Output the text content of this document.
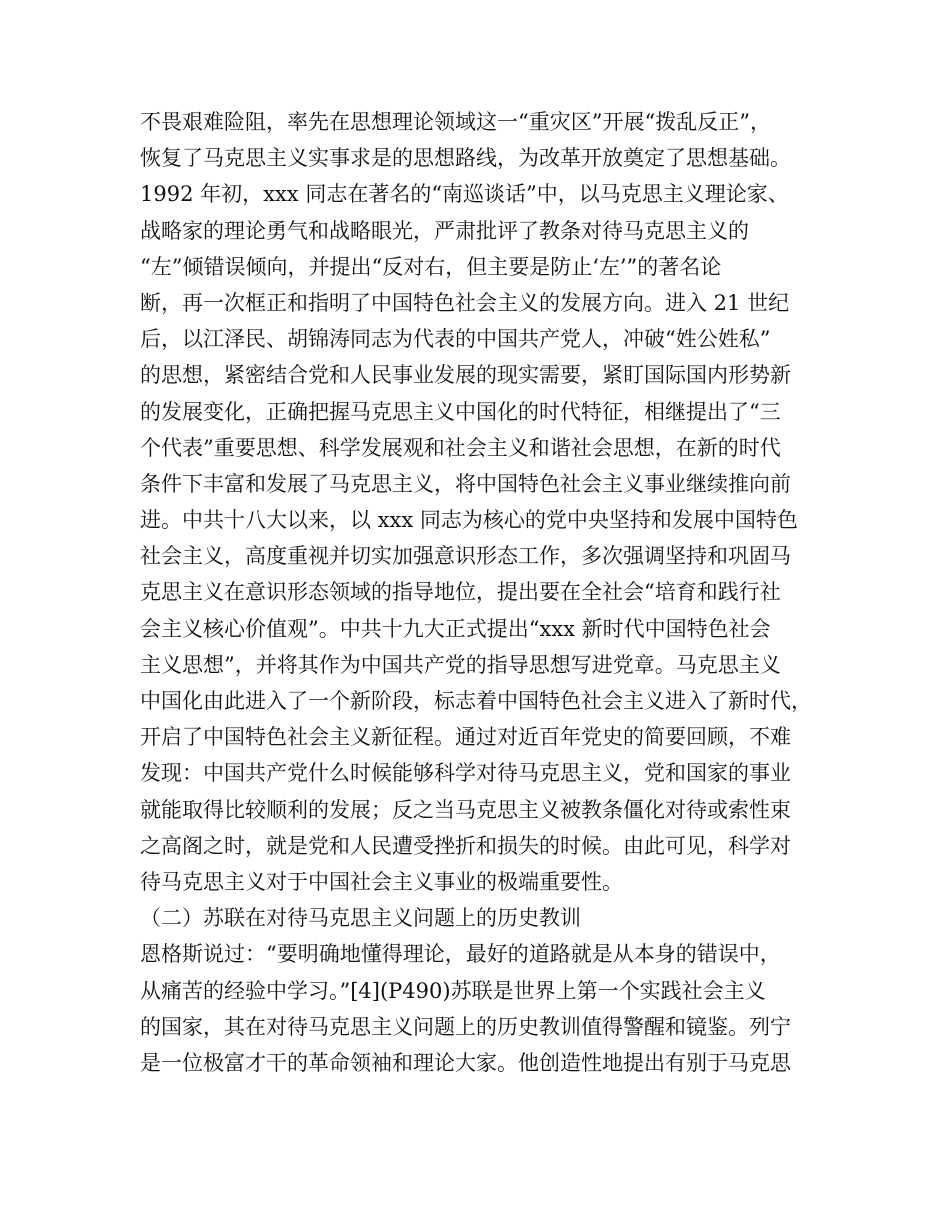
不畏艰难险阻，率先在思想理论领域这一“重灾区”开展“拨乱反正”，
恢复了马克思主义实事求是的思想路线，为改革开放奠定了思想基础。
1992 年初，xxx 同志在著名的“南巡谈话”中，以马克思主义理论家、
战略家的理论勇气和战略眼光，严肃批评了教条对待马克思主义的
“左”倾错误倾向，并提出“反对右，但主要是防止‘左’”的著名论
断，再一次框正和指明了中国特色社会主义的发展方向。进入 21 世纪
后，以江泽民、胡锦涛同志为代表的中国共产党人，冲破“姓公姓私”
的思想，紧密结合党和人民事业发展的现实需要，紧盯国际国内形势新
的发展变化，正确把握马克思主义中国化的时代特征，相继提出了“三
个代表”重要思想、科学发展观和社会主义和谐社会思想，在新的时代
条件下丰富和发展了马克思主义，将中国特色社会主义事业继续推向前
进。中共十八大以来，以 xxx 同志为核心的党中央坚持和发展中国特色
社会主义，高度重视并切实加强意识形态工作，多次强调坚持和巩固马
克思主义在意识形态领域的指导地位，提出要在全社会“培育和践行社
会主义核心价值观”。中共十九大正式提出“xxx 新时代中国特色社会
主义思想”，并将其作为中国共产党的指导思想写进党章。马克思主义
中国化由此进入了一个新阶段，标志着中国特色社会主义进入了新时代，
开启了中国特色社会主义新征程。通过对近百年党史的简要回顾，不难
发现：中国共产党什么时候能够科学对待马克思主义，党和国家的事业
就能取得比较顺利的发展；反之当马克思主义被教条僵化对待或索性束
之高阁之时，就是党和人民遭受挫折和损失的时候。由此可见，科学对
待马克思主义对于中国社会主义事业的极端重要性。
（二）苏联在对待马克思主义问题上的历史教训
恩格斯说过：“要明确地懂得理论，最好的道路就是从本身的错误中，
从痛苦的经验中学习。”[4](P490)苏联是世界上第一个实践社会主义
的国家，其在对待马克思主义问题上的历史教训值得警醒和镜鉴。列宁
是一位极富才干的革命领袖和理论大家。他创造性地提出有别于马克思
